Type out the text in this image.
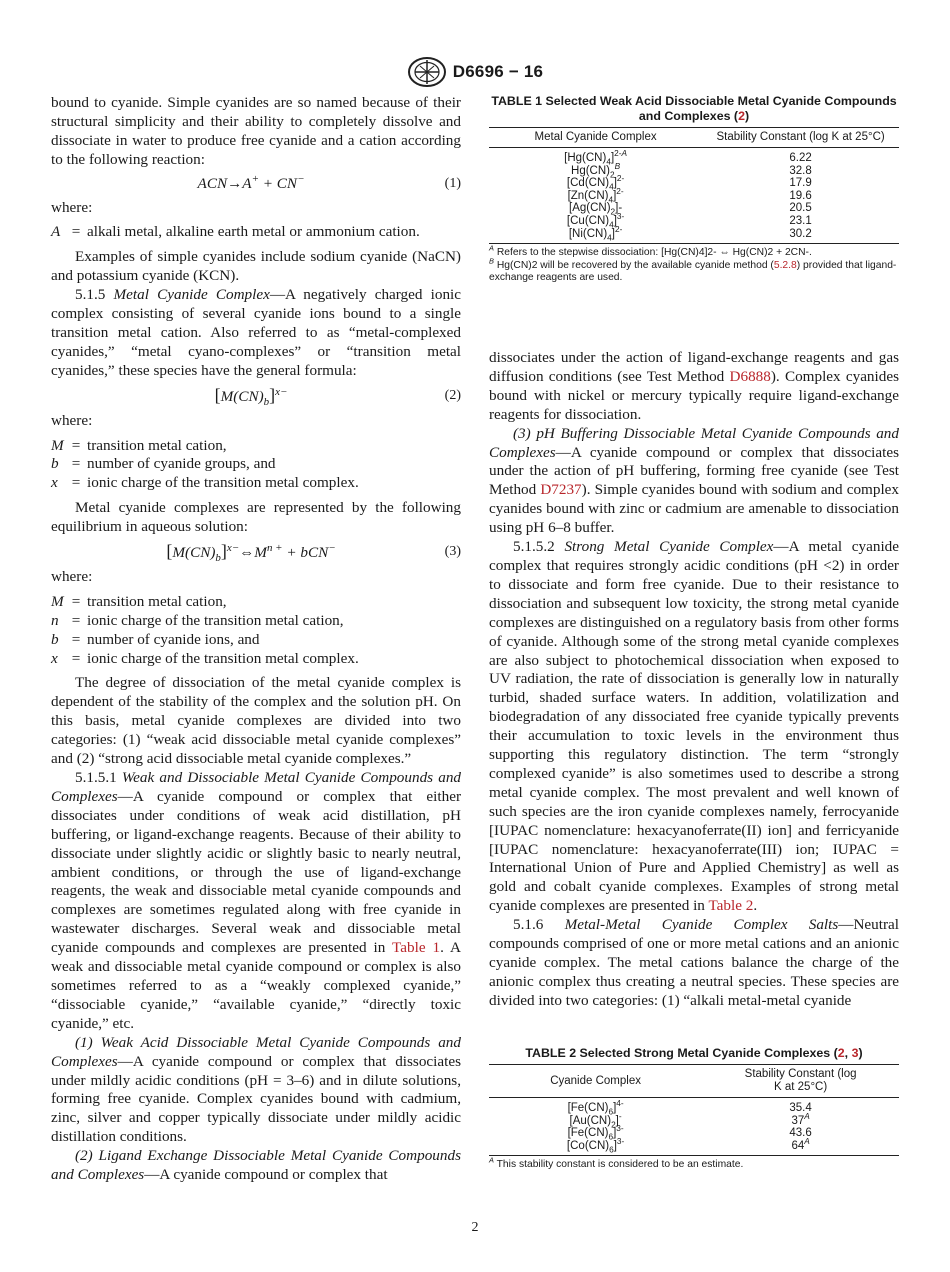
D6696 − 16

bound to cyanide. Simple cyanides are so named because of their structural simplicity and their ability to completely dissolve and dissociate in water to produce free cyanide and a cation according to the following reaction:

ACN→A+ + CN−	(1)

where:

A = alkali metal, alkaline earth metal or ammonium cation.

Examples of simple cyanides include sodium cyanide (NaCN) and potassium cyanide (KCN).

5.1.5 Metal Cyanide Complex—A negatively charged ionic complex consisting of several cyanide ions bound to a single transition metal cation. Also referred to as “metal-complexed cyanides,” “metal cyano-complexes” or “transition metal cyanides,” these species have the general formula:

$[M(CN)_b]^{x-}$	(2)

where:

M = transition metal cation,
b = number of cyanide groups, and
x = ionic charge of the transition metal complex.

Metal cyanide complexes are represented by the following equilibrium in aqueous solution:

$[M(CN)_b]^{x-}\Leftrightarrow M^{n +} + bCN^-$	(3)

where:

M = transition metal cation,
n = ionic charge of the transition metal cation,
b = number of cyanide ions, and
x = ionic charge of the transition metal complex.

The degree of dissociation of the metal cyanide complex is dependent of the stability of the complex and the solution pH. On this basis, metal cyanide complexes are divided into two categories: (1) “weak acid dissociable metal cyanide complexes” and (2) “strong acid dissociable metal cyanide complexes.”

5.1.5.1 Weak and Dissociable Metal Cyanide Compounds and Complexes—A cyanide compound or complex that either dissociates under conditions of weak acid distillation, pH buffering, or ligand-exchange reagents. Because of their ability to dissociate under slightly acidic or slightly basic to nearly neutral, ambient conditions, or through the use of ligand-exchange reagents, the weak and dissociable metal cyanide compounds and complexes are sometimes regulated along with free cyanide in wastewater discharges. Several weak and dissociable metal cyanide compounds and complexes are presented in Table 1. A weak and dissociable metal cyanide compound or complex is also sometimes referred to as a “weakly complexed cyanide,” “dissociable cyanide,” “available cyanide,” “directly toxic cyanide,” etc.

(1) Weak Acid Dissociable Metal Cyanide Compounds and Complexes—A cyanide compound or complex that dissociates under mildly acidic conditions (pH = 3–6) and in dilute solutions, forming free cyanide. Complex cyanides bound with cadmium, zinc, silver and copper typically dissociate under mildly acidic distillation conditions.

(2) Ligand Exchange Dissociable Metal Cyanide Compounds and Complexes—A cyanide compound or complex that

TABLE 1 Selected Weak Acid Dissociable Metal Cyanide Compounds and Complexes (2)
Metal Cyanide Complex	Stability Constant (log K at 25°C)
$[Hg(CN)_4]^{2-A}$	6.22
$Hg(CN)_2^B$	32.8
$[Cd(CN)_4]^{2-}$	17.9
$[Zn(CN)_4]^{2-}$	19.6
$[Ag(CN)_2]-$	20.5
$[Cu(CN)_4]^{3-}$	23.1
$[Ni(CN)_4]^{2-}$	30.2
$^A$ Refers to the stepwise dissociation: [Hg(CN)4]2- ⇔ Hg(CN)2 + 2CN-.
$^B$ Hg(CN)2 will be recovered by the available cyanide method (5.2.8) provided that ligand-exchange reagents are used.

dissociates under the action of ligand-exchange reagents and gas diffusion conditions (see Test Method D6888). Complex cyanides bound with nickel or mercury typically require ligand-exchange reagents for dissociation.

(3) pH Buffering Dissociable Metal Cyanide Compounds and Complexes—A cyanide compound or complex that dissociates under the action of pH buffering, forming free cyanide (see Test Method D7237). Simple cyanides bound with sodium and complex cyanides bound with zinc or cadmium are amenable to dissociation using pH 6–8 buffer.

5.1.5.2 Strong Metal Cyanide Complex—A metal cyanide complex that requires strongly acidic conditions (pH <2) in order to dissociate and form free cyanide. Due to their resistance to dissociation and subsequent low toxicity, the strong metal cyanide complexes are distinguished on a regulatory basis from other forms of cyanide. Although some of the strong metal cyanide complexes are also subject to photochemical dissociation when exposed to UV radiation, the rate of dissociation is generally low in naturally turbid, shaded surface waters. In addition, volatilization and biodegradation of any dissociated free cyanide typically prevents their accumulation to toxic levels in the environment thus supporting this regulatory distinction. The term “strongly complexed cyanide” is also sometimes used to describe a strong metal cyanide complex. The most prevalent and well known of such species are the iron cyanide complexes namely, ferrocyanide [IUPAC nomenclature: hexacyanoferrate(II) ion] and ferricyanide [IUPAC nomenclature: hexacyanoferrate(III) ion; IUPAC = International Union of Pure and Applied Chemistry] as well as gold and cobalt cyanide complexes. Examples of strong metal cyanide complexes are presented in Table 2.

5.1.6 Metal-Metal Cyanide Complex Salts—Neutral compounds comprised of one or more metal cations and an anionic cyanide complex. The metal cations balance the charge of the anionic complex thus creating a neutral species. These species are divided into two categories: (1) “alkali metal-metal cyanide

TABLE 2 Selected Strong Metal Cyanide Complexes (2, 3)
Cyanide Complex	Stability Constant (log K at 25°C)
$[Fe(CN)_6]^{4-}$	35.4
$[Au(CN)_2]^-$	$37^A$
$[Fe(CN)_6]^{3-}$	43.6
$[Co(CN)_6]^{3-}$	$64^A$
$^A$ This stability constant is considered to be an estimate.
2
